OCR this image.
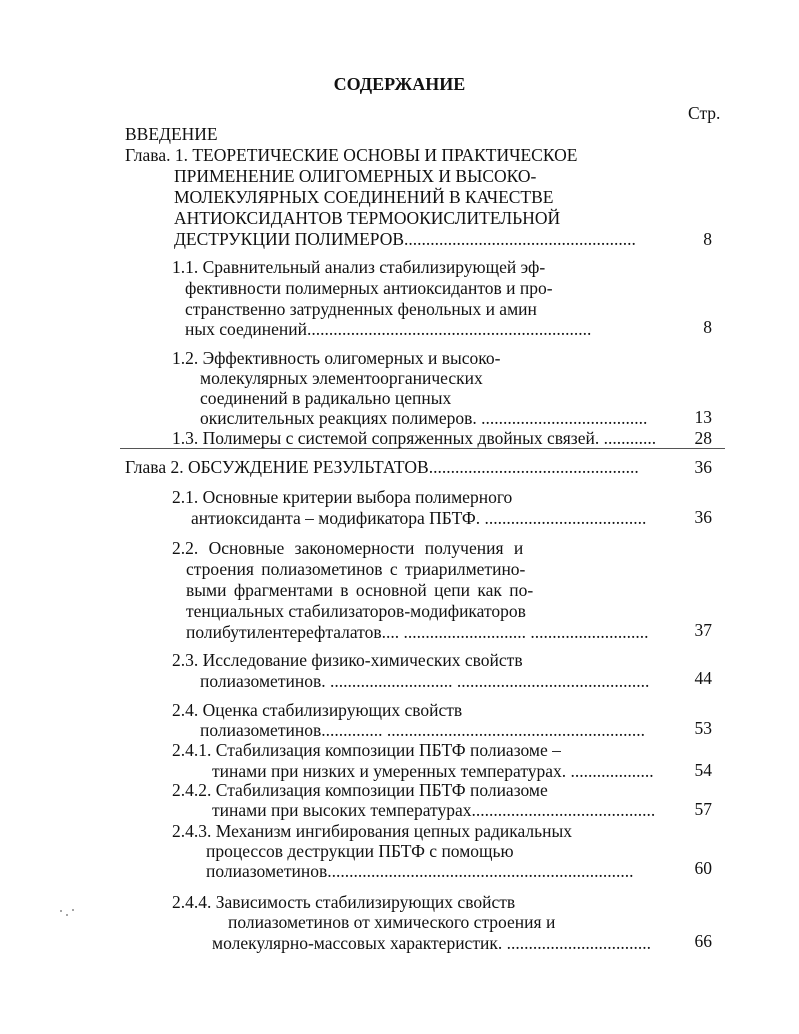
СОДЕРЖАНИЕ
Стр.
ВВЕДЕНИЕ
Глава. 1. ТЕОРЕТИЧЕСКИЕ ОСНОВЫ И ПРАКТИЧЕСКОЕ
ПРИМЕНЕНИЕ ОЛИГОМЕРНЫХ И ВЫСОКО-
МОЛЕКУЛЯРНЫХ СОЕДИНЕНИЙ В КАЧЕСТВЕ
АНТИОКСИДАНТОВ ТЕРМООКИСЛИТЕЛЬНОЙ
ДЕСТРУКЦИИ ПОЛИМЕРОВ.....................................................	8
1.1. Сравнительный анализ стабилизирующей эф-
фективности полимерных антиоксидантов и про-
странственно затрудненных фенольных и амин
ных соединений.................................................................	8
1.2. Эффективность олигомерных и высоко-
молекулярных элементоорганических
соединений в радикально цепных
окислительных реакциях полимеров. ......................................	13
1.3. Полимеры с системой сопряженных двойных связей. ............	28
Глава 2. ОБСУЖДЕНИЕ РЕЗУЛЬТАТОВ................................................	36
2.1. Основные критерии выбора полимерного
антиоксиданта – модификатора ПБТФ. .....................................	36
2.2. Основные закономерности получения и
строения полиазометинов с триарилметино-
выми фрагментами в основной цепи как по-
тенциальных стабилизаторов-модификаторов
полибутилентерефталатов.... ............................ ...........................	37
2.3. Исследование физико-химических свойств
полиазометинов. ............................ ............................................	44
2.4. Оценка стабилизирующих свойств
полиазометинов.............. ...........................................................	53
2.4.1. Стабилизация композиции ПБТФ полиазоме –
тинами при низких и умеренных температурах. ...................	54
2.4.2. Стабилизация композиции ПБТФ полиазоме
тинами при высоких температурах..........................................	57
2.4.3. Механизм ингибирования цепных радикальных
процессов деструкции ПБТФ с помощью
полиазометинов......................................................................	60
2.4.4. Зависимость стабилизирующих свойств
полиазометинов от химического строения и
молекулярно-массовых характеристик. .................................	66
